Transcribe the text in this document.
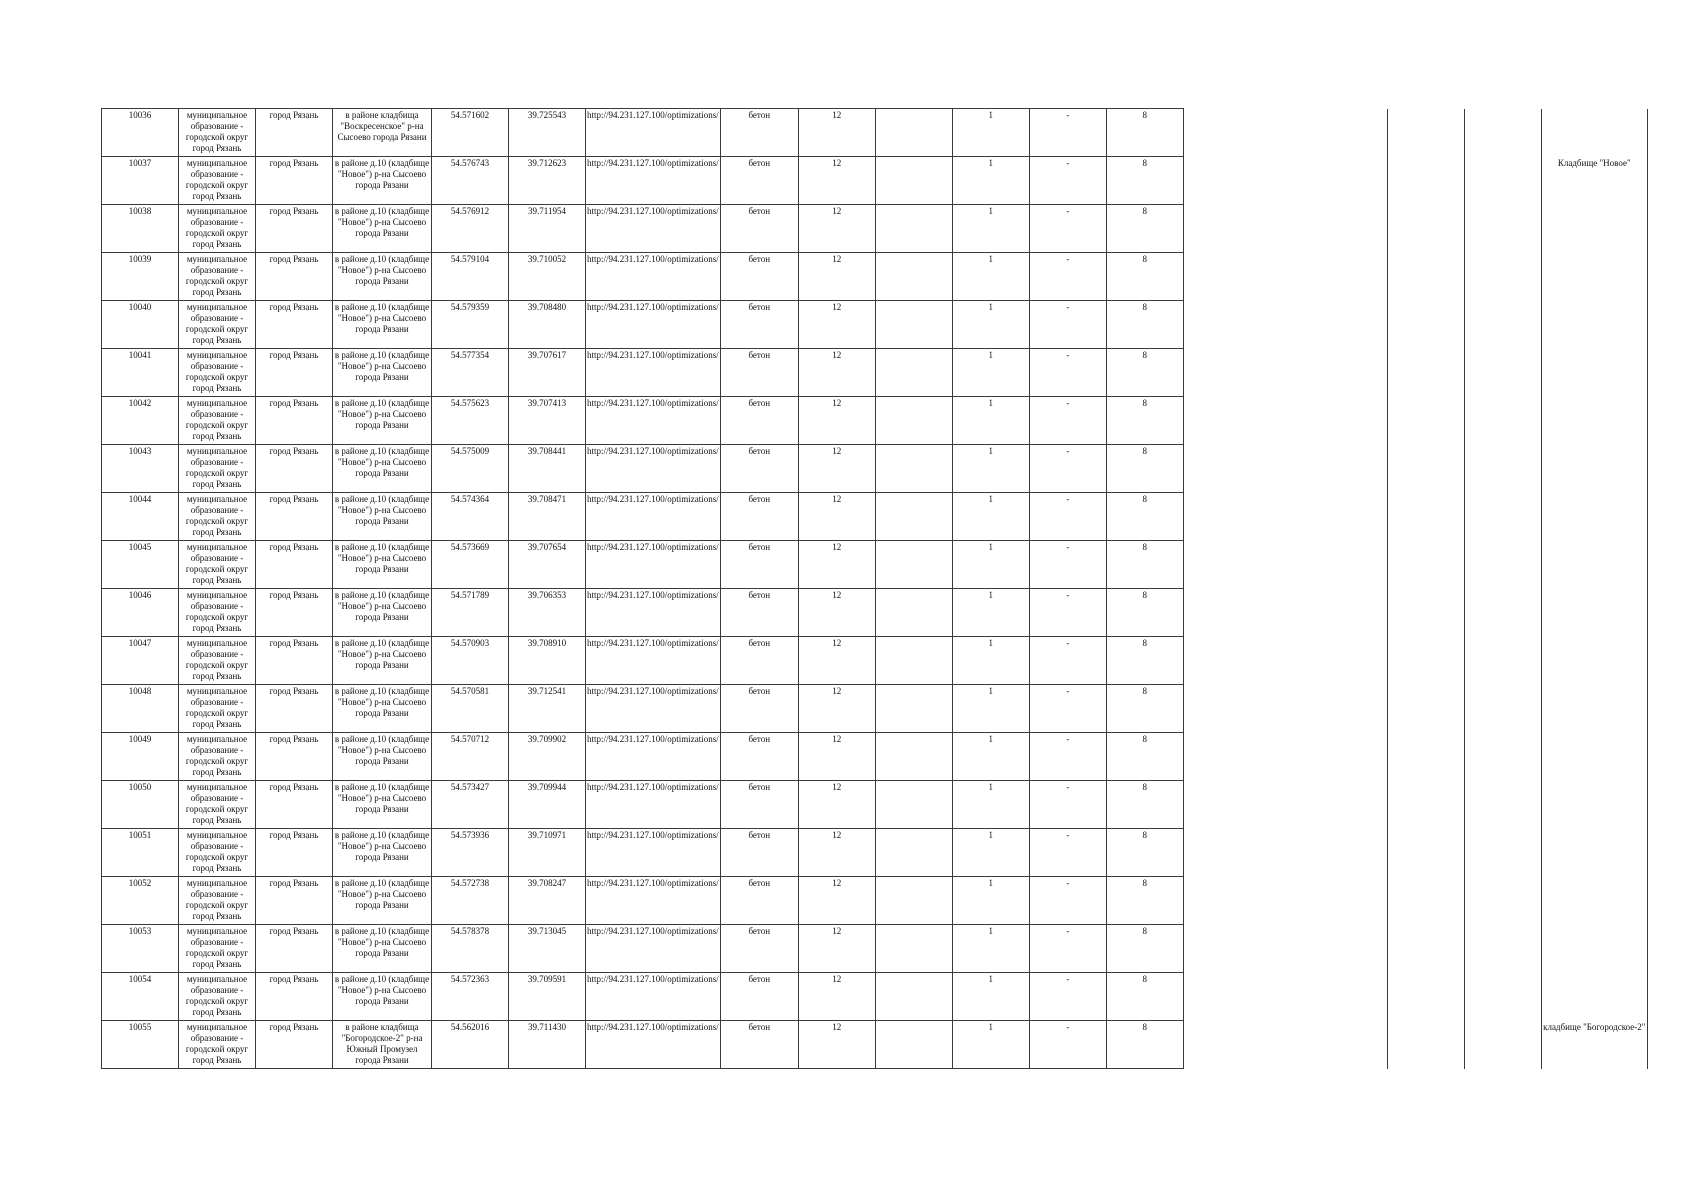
10036	муниципальное образование - городской округ город Рязань	город Рязань	в районе кладбища "Воскресенское" р-на Сысоево города Рязани	54.571602	39.725543	http://94.231.127.100/optimizations/	бетон	12		1	-	8					
10037	муниципальное образование - городской округ город Рязань	город Рязань	в районе д.10 (кладбище "Новое") р-на Сысоево города Рязани	54.576743	39.712623	http://94.231.127.100/optimizations/	бетон	12		1	-	8					Кладбище "Новое"
10038	муниципальное образование - городской округ город Рязань	город Рязань	в районе д.10 (кладбище "Новое") р-на Сысоево города Рязани	54.576912	39.711954	http://94.231.127.100/optimizations/	бетон	12		1	-	8					
10039	муниципальное образование - городской округ город Рязань	город Рязань	в районе д.10 (кладбище "Новое") р-на Сысоево города Рязани	54.579104	39.710052	http://94.231.127.100/optimizations/	бетон	12		1	-	8					
10040	муниципальное образование - городской округ город Рязань	город Рязань	в районе д.10 (кладбище "Новое") р-на Сысоево города Рязани	54.579359	39.708480	http://94.231.127.100/optimizations/	бетон	12		1	-	8					
10041	муниципальное образование - городской округ город Рязань	город Рязань	в районе д.10 (кладбище "Новое") р-на Сысоево города Рязани	54.577354	39.707617	http://94.231.127.100/optimizations/	бетон	12		1	-	8					
10042	муниципальное образование - городской округ город Рязань	город Рязань	в районе д.10 (кладбище "Новое") р-на Сысоево города Рязани	54.575623	39.707413	http://94.231.127.100/optimizations/	бетон	12		1	-	8					
10043	муниципальное образование - городской округ город Рязань	город Рязань	в районе д.10 (кладбище "Новое") р-на Сысоево города Рязани	54.575009	39.708441	http://94.231.127.100/optimizations/	бетон	12		1	-	8					
10044	муниципальное образование - городской округ город Рязань	город Рязань	в районе д.10 (кладбище "Новое") р-на Сысоево города Рязани	54.574364	39.708471	http://94.231.127.100/optimizations/	бетон	12		1	-	8					
10045	муниципальное образование - городской округ город Рязань	город Рязань	в районе д.10 (кладбище "Новое") р-на Сысоево города Рязани	54.573669	39.707654	http://94.231.127.100/optimizations/	бетон	12		1	-	8					
10046	муниципальное образование - городской округ город Рязань	город Рязань	в районе д.10 (кладбище "Новое") р-на Сысоево города Рязани	54.571789	39.706353	http://94.231.127.100/optimizations/	бетон	12		1	-	8					
10047	муниципальное образование - городской округ город Рязань	город Рязань	в районе д.10 (кладбище "Новое") р-на Сысоево города Рязани	54.570903	39.708910	http://94.231.127.100/optimizations/	бетон	12		1	-	8					
10048	муниципальное образование - городской округ город Рязань	город Рязань	в районе д.10 (кладбище "Новое") р-на Сысоево города Рязани	54.570581	39.712541	http://94.231.127.100/optimizations/	бетон	12		1	-	8					
10049	муниципальное образование - городской округ город Рязань	город Рязань	в районе д.10 (кладбище "Новое") р-на Сысоево города Рязани	54.570712	39.709902	http://94.231.127.100/optimizations/	бетон	12		1	-	8					
10050	муниципальное образование - городской округ город Рязань	город Рязань	в районе д.10 (кладбище "Новое") р-на Сысоево города Рязани	54.573427	39.709944	http://94.231.127.100/optimizations/	бетон	12		1	-	8					
10051	муниципальное образование - городской округ город Рязань	город Рязань	в районе д.10 (кладбище "Новое") р-на Сысоево города Рязани	54.573936	39.710971	http://94.231.127.100/optimizations/	бетон	12		1	-	8					
10052	муниципальное образование - городской округ город Рязань	город Рязань	в районе д.10 (кладбище "Новое") р-на Сысоево города Рязани	54.572738	39.708247	http://94.231.127.100/optimizations/	бетон	12		1	-	8					
10053	муниципальное образование - городской округ город Рязань	город Рязань	в районе д.10 (кладбище "Новое") р-на Сысоево города Рязани	54.578378	39.713045	http://94.231.127.100/optimizations/	бетон	12		1	-	8					
10054	муниципальное образование - городской округ город Рязань	город Рязань	в районе д.10 (кладбище "Новое") р-на Сысоево города Рязани	54.572363	39.709591	http://94.231.127.100/optimizations/	бетон	12		1	-	8					
10055	муниципальное образование - городской округ город Рязань	город Рязань	в районе кладбища "Богородское-2" р-на Южный Промузел города Рязани	54.562016	39.711430	http://94.231.127.100/optimizations/	бетон	12		1	-	8					кладбище "Богородское-2"
